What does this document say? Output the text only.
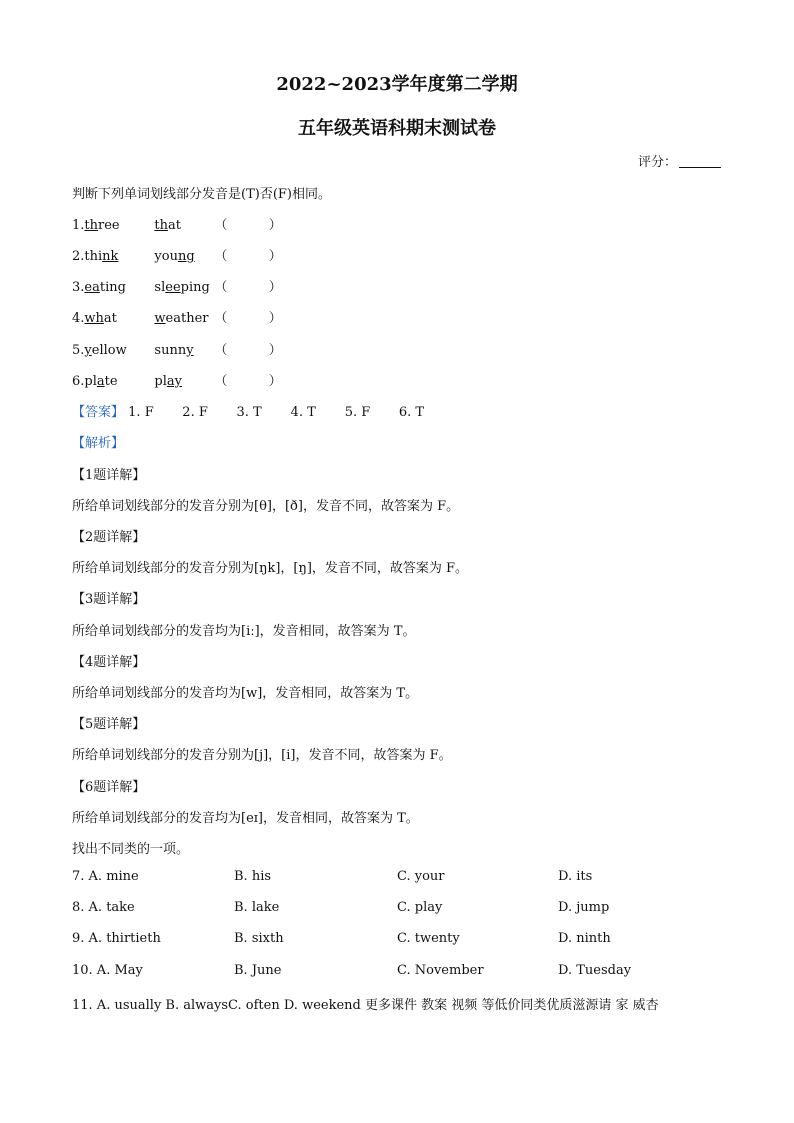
2022~2023学年度第二学期
五年级英语科期末测试卷
评分：
判断下列单词划线部分发音是(T)否(F)相同。
1.three	that	（          ）
2.think	young （          ）
3.eating sleeping （          ）
4.what	weather （          ）
5.yellow sunny （          ）
6.plate	play （          ）
【答案】 1. F 2. F 3. T 4. T 5. F 6. T
【解析】
【1题详解】
所给单词划线部分的发音分别为[θ]，[ð]，发音不同，故答案为 F。
【2题详解】
所给单词划线部分的发音分别为[ŋk]，[ŋ]，发音不同，故答案为 F。
【3题详解】
所给单词划线部分的发音均为[iː]，发音相同，故答案为 T。
【4题详解】
所给单词划线部分的发音均为[w]，发音相同，故答案为 T。
【5题详解】
所给单词划线部分的发音分别为[j]，[i]，发音不同，故答案为 F。
【6题详解】
所给单词划线部分的发音均为[eɪ]，发音相同，故答案为 T。
找出不同类的一项。
7. A. mine	B. his	C. your	D. its
8. A. take	B. lake	C. play	D. jump
9. A. thirtieth	B. sixth	C. twenty	D. ninth
10. A. May	B. June	C. November	D. Tuesday
11. A. usually B. alwaysC. often D. weekend 更多课件 教案 视频 等低价同类优质滋源请 家 威杏
